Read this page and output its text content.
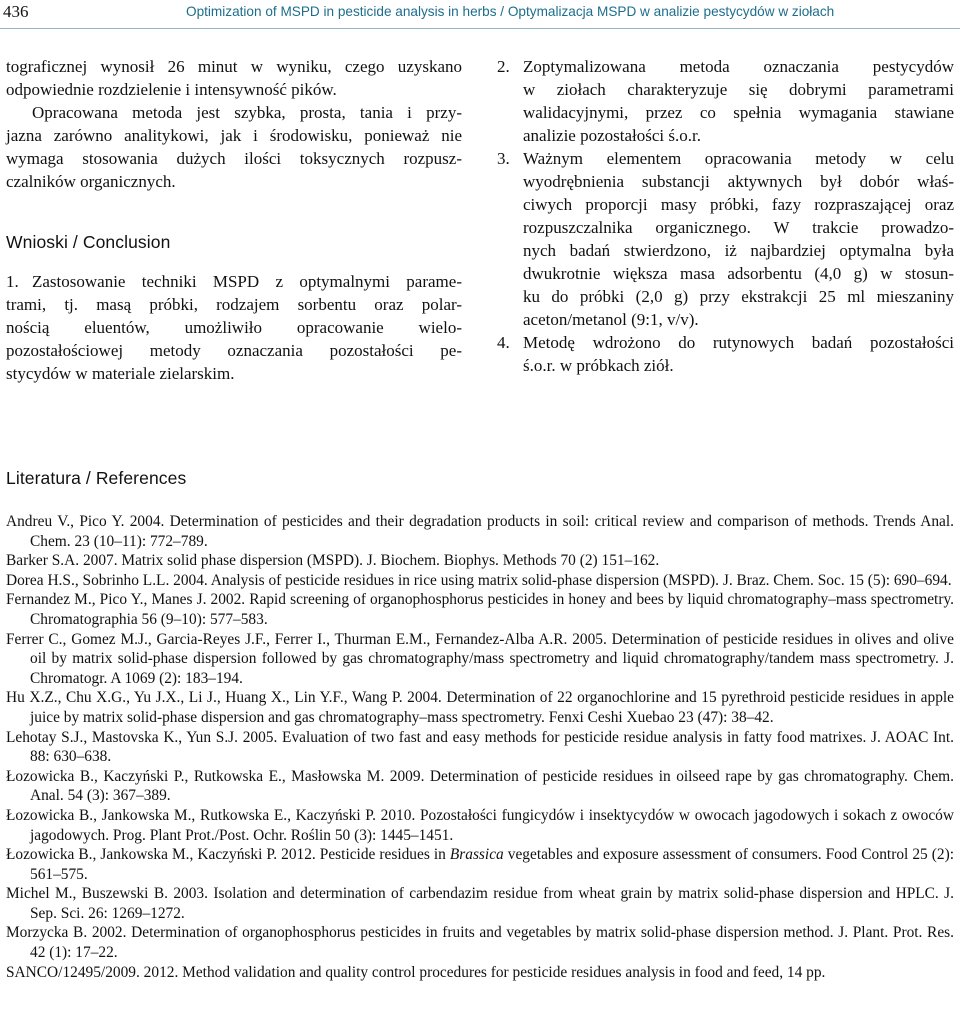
436	Optimization of MSPD in pesticide analysis in herbs / Optymalizacja MSPD w analizie pestycydów w ziołach

tograficznej wynosił 26 minut w wyniku, czego uzyskano

odpowiednie rozdzielenie i intensywność pików.

Opracowana metoda jest szybka, prosta, tania i przy-

jazna zarówno analitykowi, jak i środowisku, ponieważ nie

wymaga stosowania dużych ilości toksycznych rozpusz-

czalników organicznych.

Wnioski / Conclusion

1. Zastosowanie techniki MSPD z optymalnymi parame-

trami, tj. masą próbki, rodzajem sorbentu oraz polar-

nością eluentów, umożliwiło opracowanie wielo-

pozostałościowej metody oznaczania pozostałości pe-

stycydów w materiale zielarskim.

2. Zoptymalizowana metoda oznaczania pestycydów

w ziołach charakteryzuje się dobrymi parametrami

walidacyjnymi, przez co spełnia wymagania stawiane

analizie pozostałości ś.o.r.

3. Ważnym elementem opracowania metody w celu

wyodrębnienia substancji aktywnych był dobór właś-

ciwych proporcji masy próbki, fazy rozpraszającej oraz

rozpuszczalnika organicznego. W trakcie prowadzo-

nych badań stwierdzono, iż najbardziej optymalna była

dwukrotnie większa masa adsorbentu (4,0 g) w stosun-

ku do próbki (2,0 g) przy ekstrakcji 25 ml mieszaniny

aceton/metanol (9:1, v/v).

4. Metodę wdrożono do rutynowych badań pozostałości

ś.o.r. w próbkach ziół.

Literatura / References

Andreu V., Pico Y. 2004. Determination of pesticides and their degradation products in soil: critical review and comparison of methods. Trends Anal. Chem. 23 (10–11): 772–789.

Barker S.A. 2007. Matrix solid phase dispersion (MSPD). J. Biochem. Biophys. Methods 70 (2) 151–162.

Dorea H.S., Sobrinho L.L. 2004. Analysis of pesticide residues in rice using matrix solid-phase dispersion (MSPD). J. Braz. Chem. Soc. 15 (5): 690–694.

Fernandez M., Pico Y., Manes J. 2002. Rapid screening of organophosphorus pesticides in honey and bees by liquid chromatography–mass spectrometry. Chromatographia 56 (9–10): 577–583.

Ferrer C., Gomez M.J., Garcia-Reyes J.F., Ferrer I., Thurman E.M., Fernandez-Alba A.R. 2005. Determination of pesticide residues in olives and olive oil by matrix solid-phase dispersion followed by gas chromatography/mass spectrometry and liquid chromatography/tandem mass spectrometry. J. Chromatogr. A 1069 (2): 183–194.

Hu X.Z., Chu X.G., Yu J.X., Li J., Huang X., Lin Y.F., Wang P. 2004. Determination of 22 organochlorine and 15 pyrethroid pesticide residues in apple juice by matrix solid-phase dispersion and gas chromatography–mass spectrometry. Fenxi Ceshi Xuebao 23 (47): 38–42.

Lehotay S.J., Mastovska K., Yun S.J. 2005. Evaluation of two fast and easy methods for pesticide residue analysis in fatty food matrixes. J. AOAC Int. 88: 630–638.

Łozowicka B., Kaczyński P., Rutkowska E., Masłowska M. 2009. Determination of pesticide residues in oilseed rape by gas chromatography. Chem. Anal. 54 (3): 367–389.

Łozowicka B., Jankowska M., Rutkowska E., Kaczyński P. 2010. Pozostałości fungicydów i insektycydów w owocach jagodowych i sokach z owoców jagodowych. Prog. Plant Prot./Post. Ochr. Roślin 50 (3): 1445–1451.

Łozowicka B., Jankowska M., Kaczyński P. 2012. Pesticide residues in Brassica vegetables and exposure assessment of consumers. Food Control 25 (2): 561–575.

Michel M., Buszewski B. 2003. Isolation and determination of carbendazim residue from wheat grain by matrix solid-phase dispersion and HPLC. J. Sep. Sci. 26: 1269–1272.

Morzycka B. 2002. Determination of organophosphorus pesticides in fruits and vegetables by matrix solid-phase dispersion method. J. Plant. Prot. Res. 42 (1): 17–22.

SANCO/12495/2009. 2012. Method validation and quality control procedures for pesticide residues analysis in food and feed, 14 pp.
